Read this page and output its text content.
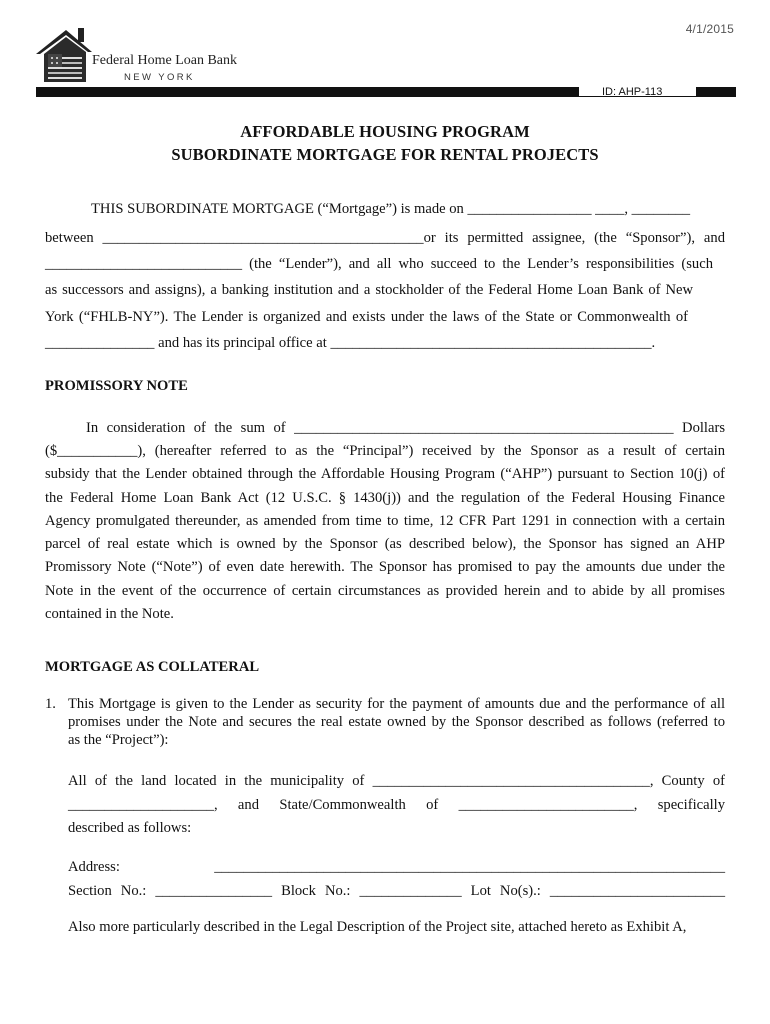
4/1/2015
Federal Home Loan Bank
NEW YORK
ID: AHP-113
AFFORDABLE HOUSING PROGRAM
SUBORDINATE MORTGAGE FOR RENTAL PROJECTS
THIS SUBORDINATE MORTGAGE (“Mortgage”) is made on _________________ ____, ________
between ____________________________________________or its permitted assignee, (the “Sponsor”), and
___________________________ (the “Lender”), and all who succeed to the Lender’s responsibilities (such
as successors and assigns), a banking institution and a stockholder of the Federal Home Loan Bank of New
York (“FHLB-NY”). The Lender is organized and exists under the laws of the State or Commonwealth of
_______________ and has its principal office at ____________________________________________.
PROMISSORY NOTE
In consideration of the sum of ____________________________________________________ Dollars
($___________), (hereafter referred to as the “Principal”) received by the Sponsor as a result of certain
subsidy that the Lender obtained through the Affordable Housing Program (“AHP”) pursuant to Section 10(j) of
the Federal Home Loan Bank Act (12 U.S.C. § 1430(j)) and the regulation of the Federal Housing Finance
Agency promulgated thereunder, as amended from time to time, 12 CFR Part 1291 in connection with a certain
parcel of real estate which is owned by the Sponsor (as described below), the Sponsor has signed an AHP
Promissory Note (“Note”) of even date herewith. The Sponsor has promised to pay the amounts due under the
Note in the event of the occurrence of certain circumstances as provided herein and to abide by all promises
contained in the Note.
MORTGAGE AS COLLATERAL
1. This Mortgage is given to the Lender as security for the payment of amounts due and the performance of all
promises under the Note and secures the real estate owned by the Sponsor described as follows (referred to
as the “Project”):
All of the land located in the municipality of ______________________________________, County of
____________________, and State/Commonwealth of ________________________, specifically
described as follows:
Address: ______________________________________________________________________
Section No.: ________________ Block No.: ______________ Lot No(s).: ________________________
Also more particularly described in the Legal Description of the Project site, attached hereto as Exhibit A,
